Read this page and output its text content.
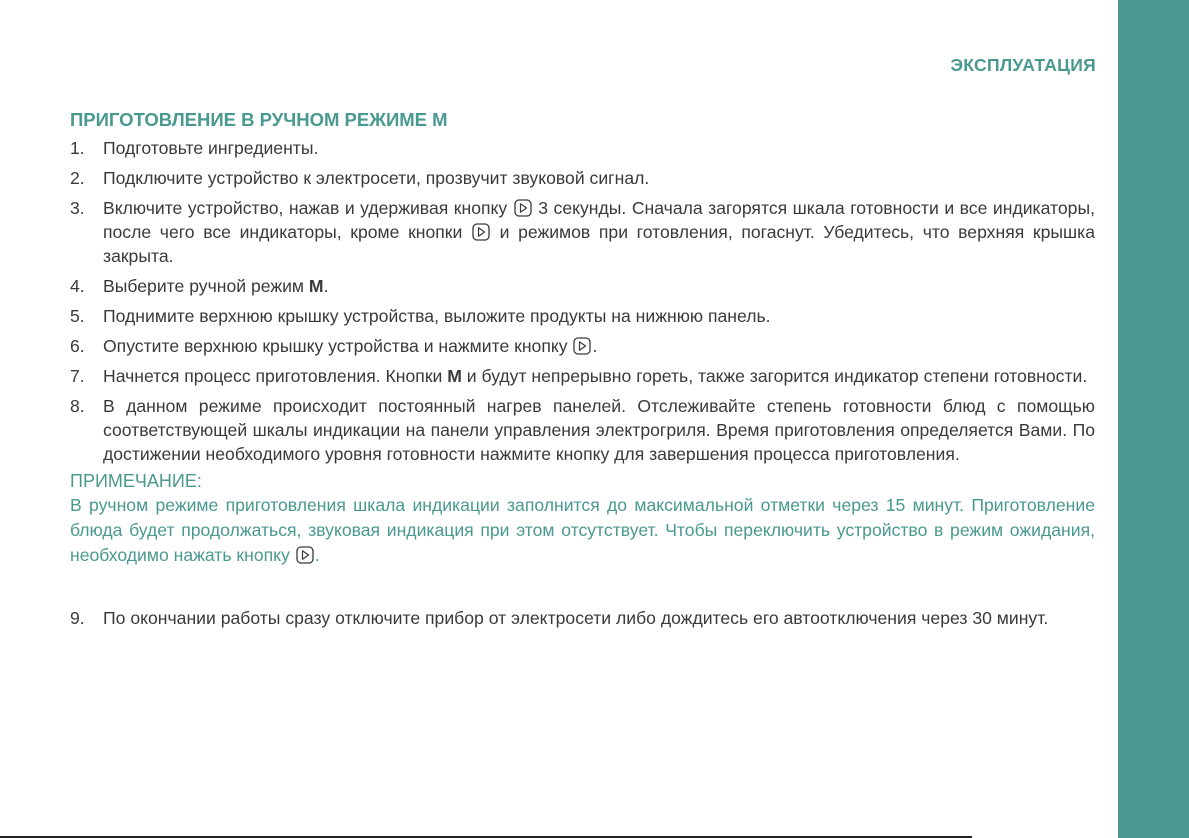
ЭКСПЛУАТАЦИЯ
ПРИГОТОВЛЕНИЕ В РУЧНОМ РЕЖИМЕ М
1.	Подготовьте ингредиенты.
2.	Подключите устройство к электросети, прозвучит звуковой сигнал.
3.	Включите устройство, нажав и удерживая кнопку 3 секунды. Сначала загорятся шкала готовности и все индикаторы, после чего все индикаторы, кроме кнопки и режимов при готовления, погаснут. Убедитесь, что верхняя крышка закрыта.
4.	Выберите ручной режим М.
5.	Поднимите верхнюю крышку устройства, выложите продукты на нижнюю панель.
6.	Опустите верхнюю крышку устройства и нажмите кнопку .
7.	Начнется процесс приготовления. Кнопки М и будут непрерывно гореть, также загорится индикатор степени готовности.
8.	В данном режиме происходит постоянный нагрев панелей. Отслеживайте степень готовности блюд с помощью соответствующей шкалы индикации на панели управления электрогриля. Время приготовления определяется Вами. По достижении необходимого уровня готовности нажмите кнопку для завершения процесса приготовления.
ПРИМЕЧАНИЕ:
В ручном режиме приготовления шкала индикации заполнится до максимальной отметки через 15 минут. Приготовление блюда будет продолжаться, звуковая индикация при этом отсутствует. Чтобы переключить устройство в режим ожидания, необходимо нажать кнопку .
9.	По окончании работы сразу отключите прибор от электросети либо дождитесь его автоотключения через 30 минут.
